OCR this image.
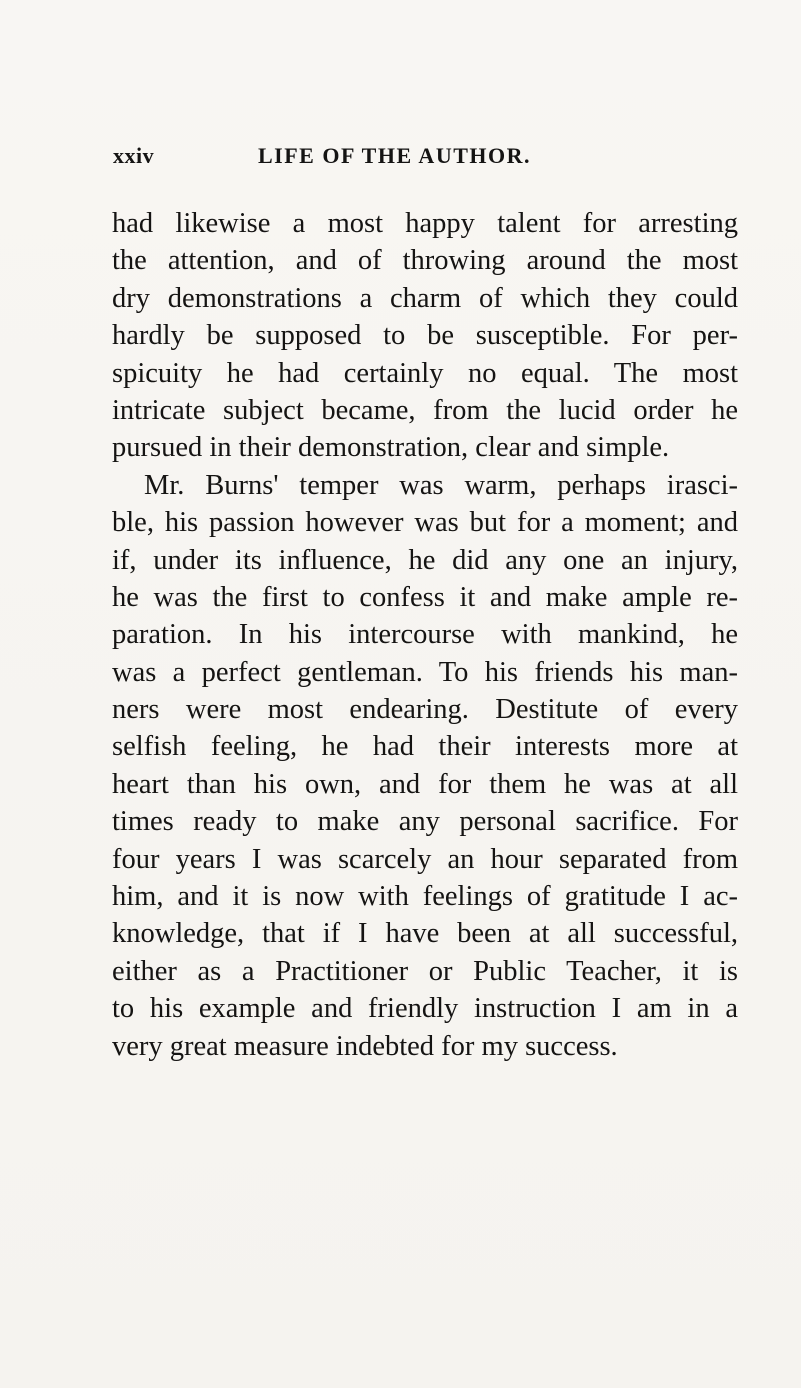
xxiv	LIFE OF THE AUTHOR.
had likewise a most happy talent for arresting
the attention, and of throwing around the most
dry demonstrations a charm of which they could
hardly be supposed to be susceptible. For per-
spicuity he had certainly no equal. The most
intricate subject became, from the lucid order he
pursued in their demonstration, clear and simple.
Mr. Burns' temper was warm, perhaps irasci-
ble, his passion however was but for a moment; and
if, under its influence, he did any one an injury,
he was the first to confess it and make ample re-
paration. In his intercourse with mankind, he
was a perfect gentleman. To his friends his man-
ners were most endearing. Destitute of every
selfish feeling, he had their interests more at
heart than his own, and for them he was at all
times ready to make any personal sacrifice. For
four years I was scarcely an hour separated from
him, and it is now with feelings of gratitude I ac-
knowledge, that if I have been at all successful,
either as a Practitioner or Public Teacher, it is
to his example and friendly instruction I am in a
very great measure indebted for my success.
